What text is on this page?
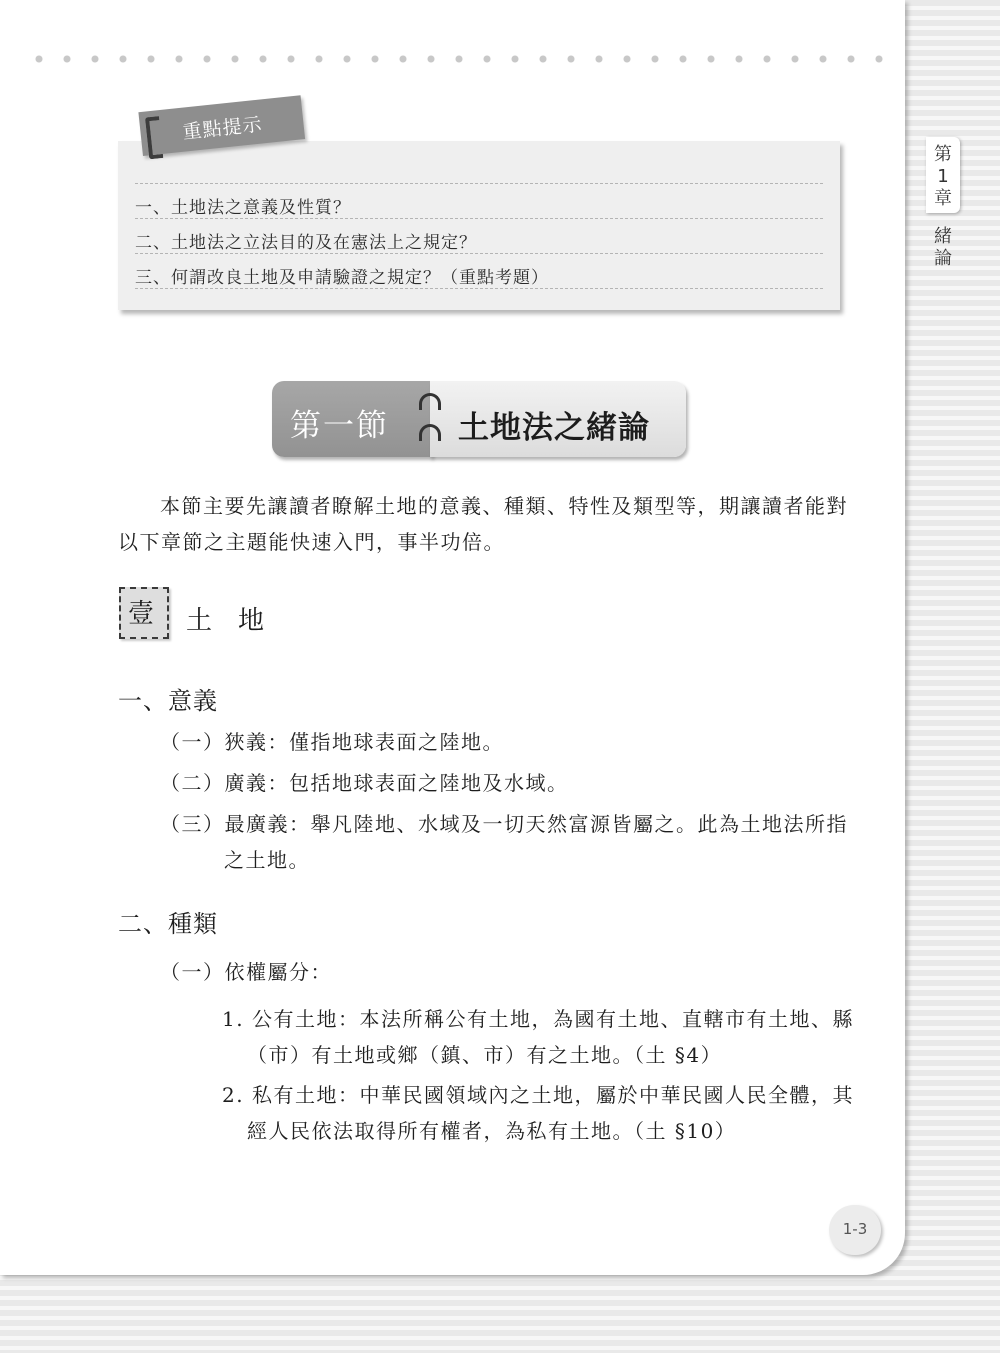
第1章
緒論
重點提示
一、土地法之意義及性質？
二、土地法之立法目的及在憲法上之規定？
三、何謂改良土地及申請驗證之規定？（重點考題）
第一節 土地法之緒論
本節主要先讓讀者瞭解土地的意義、種類、特性及類型等，期讓讀者能對
以下章節之主題能快速入門，事半功倍。
壹 土地
一、意義
（一）狹義：僅指地球表面之陸地。
（二）廣義：包括地球表面之陸地及水域。
（三）最廣義：舉凡陸地、水域及一切天然富源皆屬之。此為土地法所指
之土地。
二、種類
（一）依權屬分：
1. 公有土地：本法所稱公有土地，為國有土地、直轄市有土地、縣
（市）有土地或鄉（鎮、市）有之土地。（土 §4）
2. 私有土地：中華民國領域內之土地，屬於中華民國人民全體，其
經人民依法取得所有權者，為私有土地。（土 §10）
1-3
